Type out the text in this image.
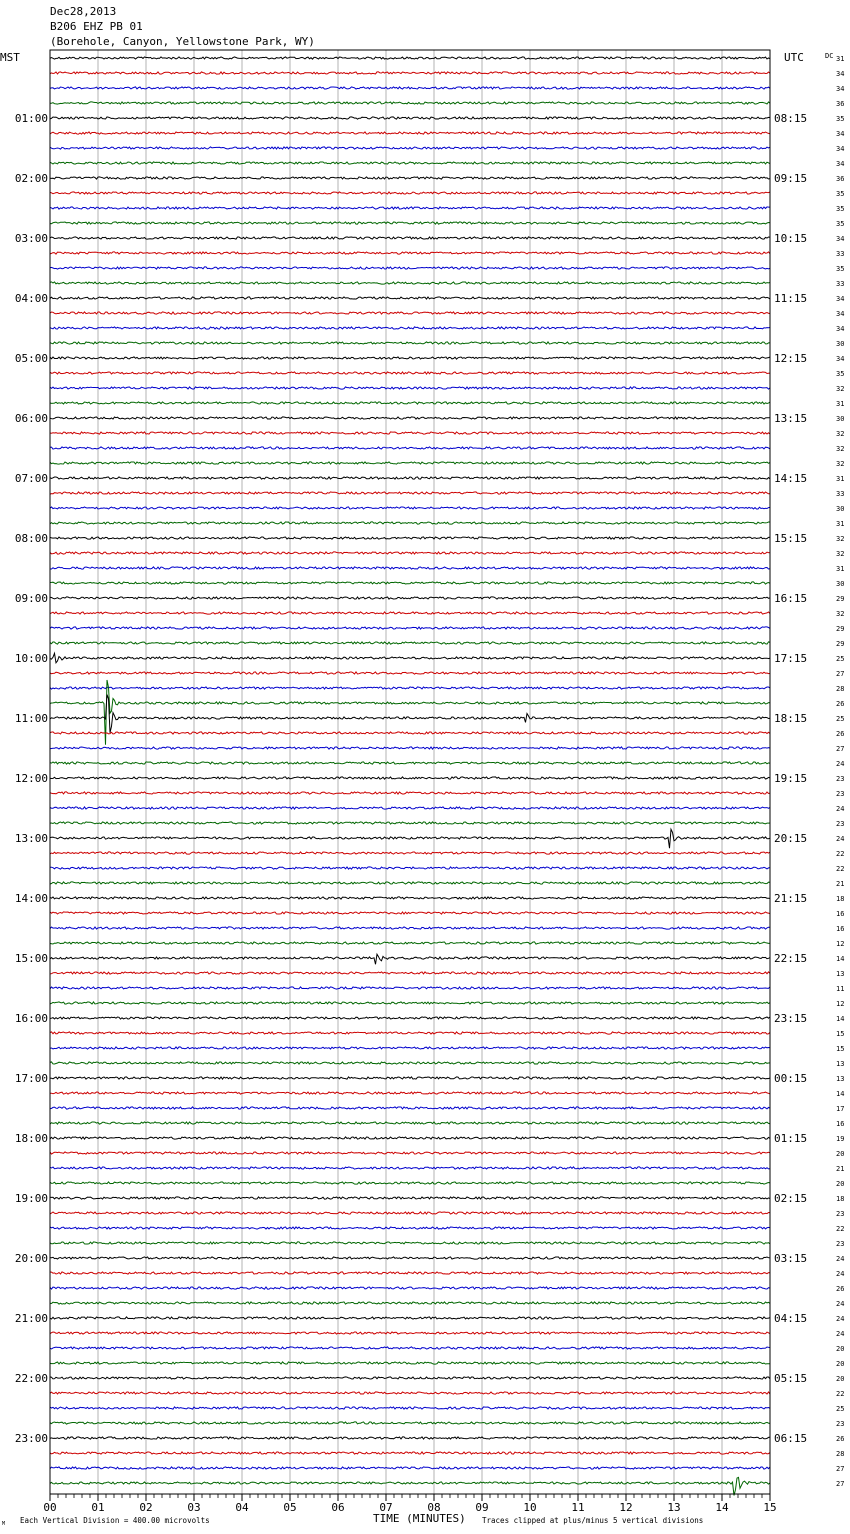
Dec28,2013
B206 EHZ PB 01
(Borehole, Canyon, Yellowstone Park, WY)
MST	UTC	DC
01:00
02:00
03:00
04:00
05:00
06:00
07:00
08:00
09:00
10:00
11:00
12:00
13:00
14:00
15:00
16:00
17:00
18:00
19:00
20:00
21:00
22:00
23:00
08:15
09:15
10:15
11:15
12:15
13:15
14:15
15:15
16:15
17:15
18:15
19:15
20:15
21:15
22:15
23:15
00:15
01:15
02:15
03:15
04:15
05:15
06:15
31
34
34
36
35
34
34
34
36
35
35
35
34
33
35
33
34
34
34
30
34
35
32
31
30
32
32
32
31
33
30
31
32
32
31
30
29
32
29
29
25
27
28
26
25
26
27
24
23
23
24
23
24
22
22
21
18
16
16
12
14
13
11
12
14
15
15
13
13
14
17
16
19
20
21
20
18
23
22
23
24
24
26
24
24
24
20
20
20
22
25
23
26
28
27
27
00	01	02	03	04	05	06	07	08	09	10	11	12	13	14	15
TIME (MINUTES)
Each Vertical Division = 400.00 microvolts	Traces clipped at plus/minus 5 vertical divisions
M
